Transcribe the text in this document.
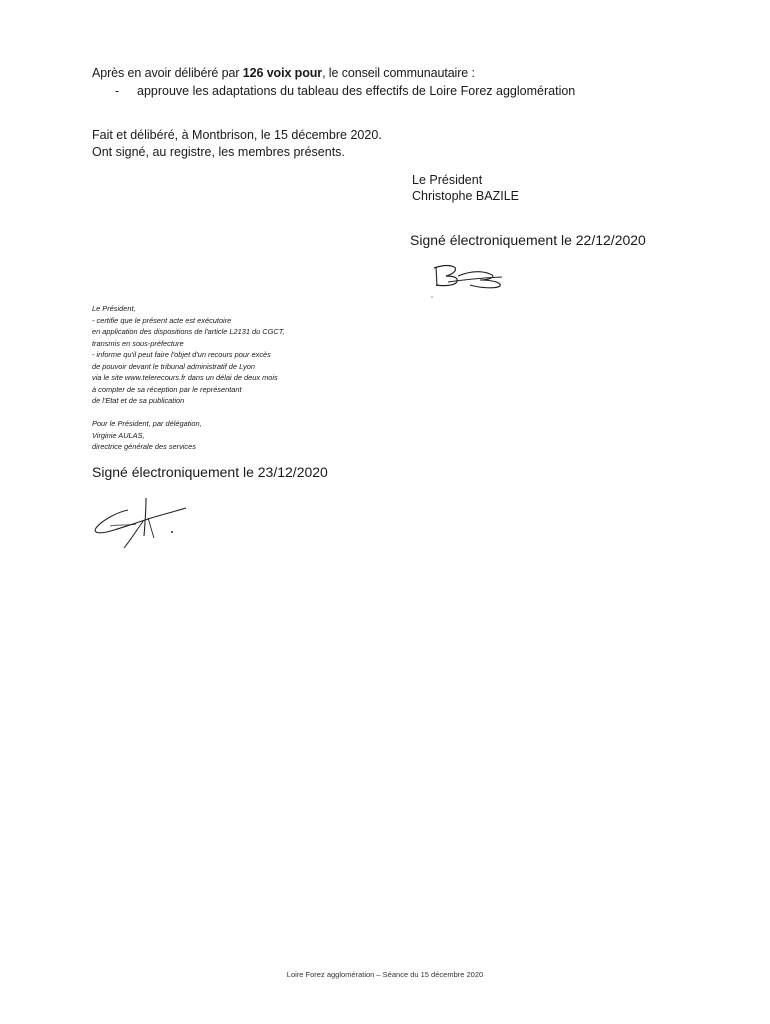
Après en avoir délibéré par 126 voix pour, le conseil communautaire :
- approuve les adaptations du tableau des effectifs de Loire Forez agglomération
Fait et délibéré, à Montbrison, le 15 décembre 2020.
Ont signé, au registre, les membres présents.
Le Président
Christophe BAZILE
Signé électroniquement le 22/12/2020
Le Président,
- certifie que le présent acte est exécutoire
en application des dispositions de l'article L2131 du CGCT,
transmis en sous-préfecture
- informe qu'il peut faire l'objet d'un recours pour excès
de pouvoir devant le tribunal administratif de Lyon
via le site www.telerecours.fr dans un délai de deux mois
à compter de sa réception par le représentant
de l'Etat et de sa publication
Pour le Président, par délégation,
Virginie AULAS,
directrice générale des services
Signé électroniquement le 23/12/2020
Loire Forez agglomération – Séance du 15 décembre 2020
